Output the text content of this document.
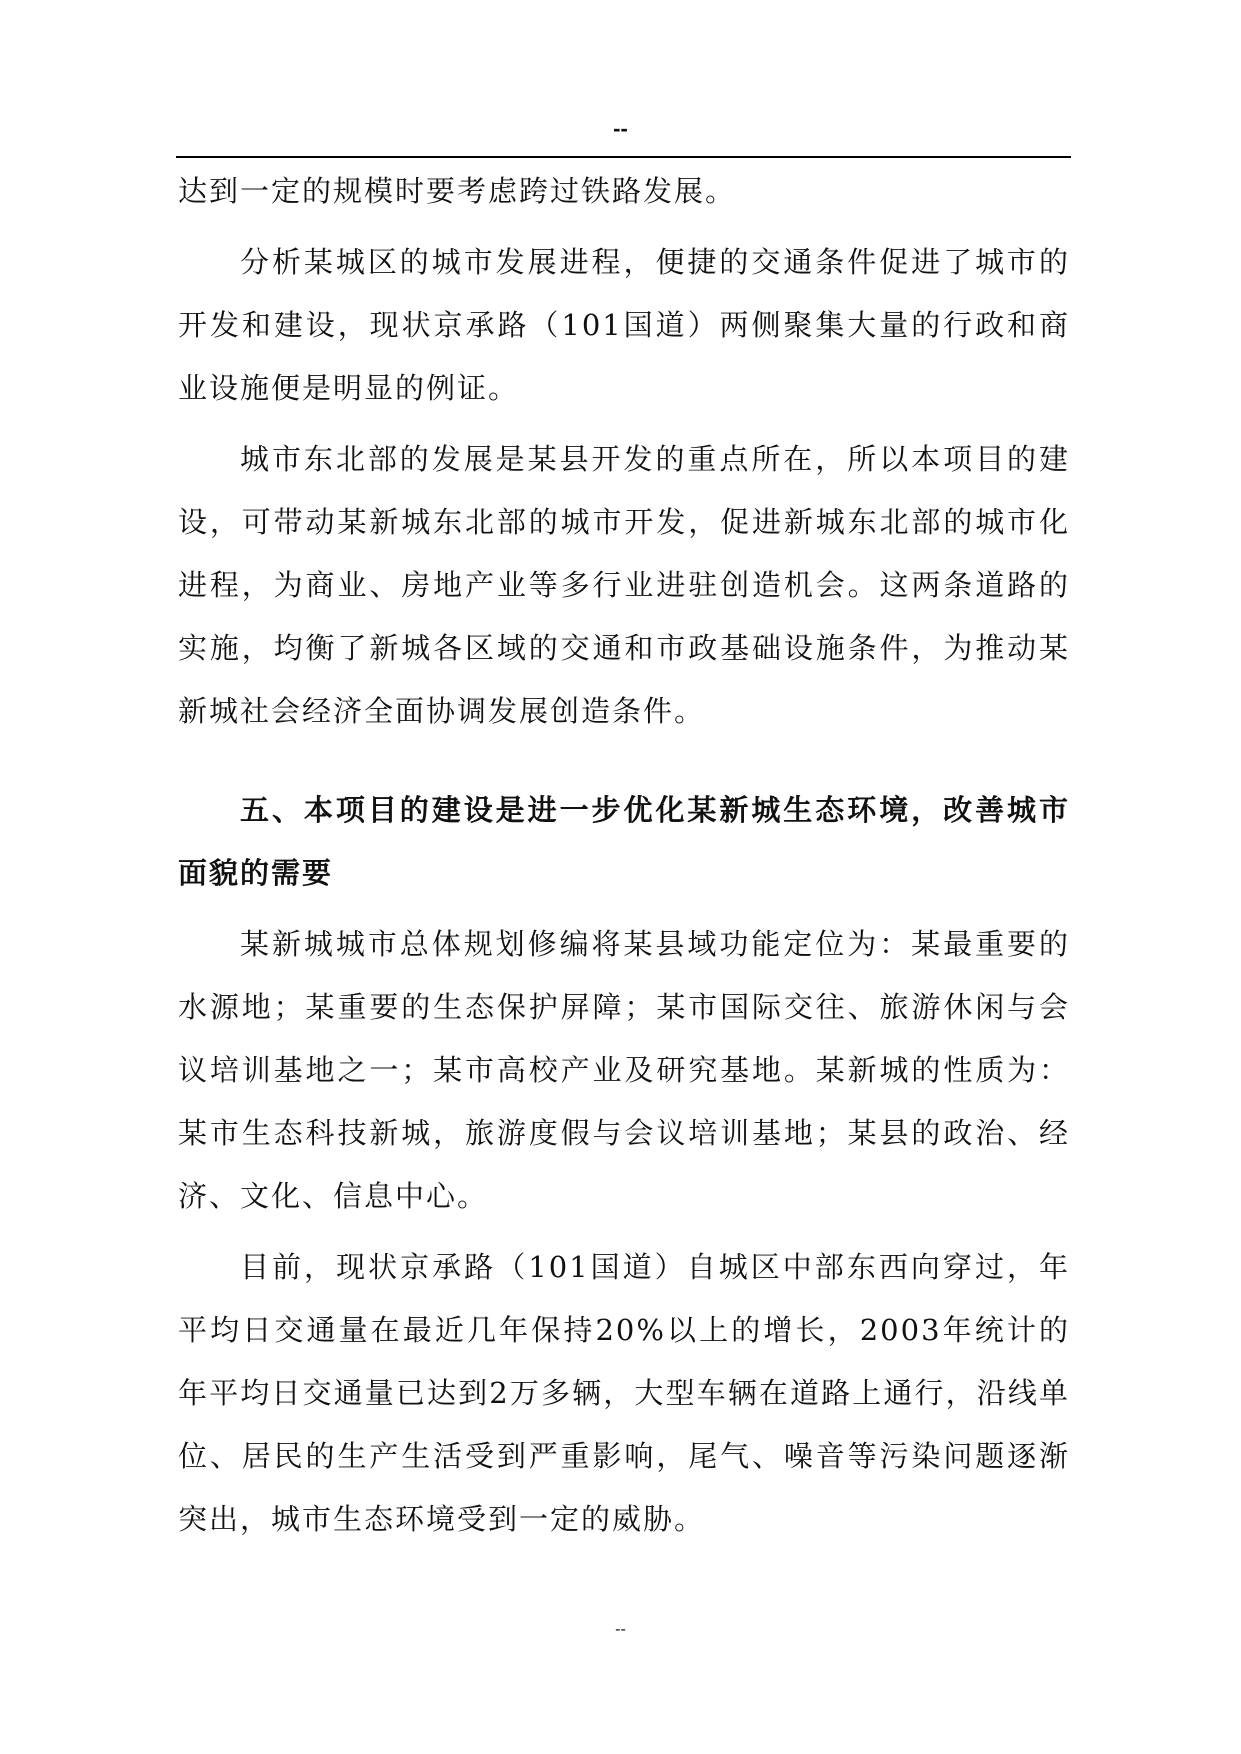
--

达到一定的规模时要考虑跨过铁路发展。

分析某城区的城市发展进程，便捷的交通条件促进了城市的开发和建设，现状京承路（101国道）两侧聚集大量的行政和商业设施便是明显的例证。

城市东北部的发展是某县开发的重点所在，所以本项目的建设，可带动某新城东北部的城市开发，促进新城东北部的城市化进程，为商业、房地产业等多行业进驻创造机会。这两条道路的实施，均衡了新城各区域的交通和市政基础设施条件，为推动某新城社会经济全面协调发展创造条件。

五、本项目的建设是进一步优化某新城生态环境，改善城市面貌的需要

某新城城市总体规划修编将某县域功能定位为：某最重要的水源地；某重要的生态保护屏障；某市国际交往、旅游休闲与会议培训基地之一；某市高校产业及研究基地。某新城的性质为：某市生态科技新城，旅游度假与会议培训基地；某县的政治、经济、文化、信息中心。

目前，现状京承路（101国道）自城区中部东西向穿过，年平均日交通量在最近几年保持20%以上的增长，2003年统计的年平均日交通量已达到2万多辆，大型车辆在道路上通行，沿线单位、居民的生产生活受到严重影响，尾气、噪音等污染问题逐渐突出，城市生态环境受到一定的威胁。

--
